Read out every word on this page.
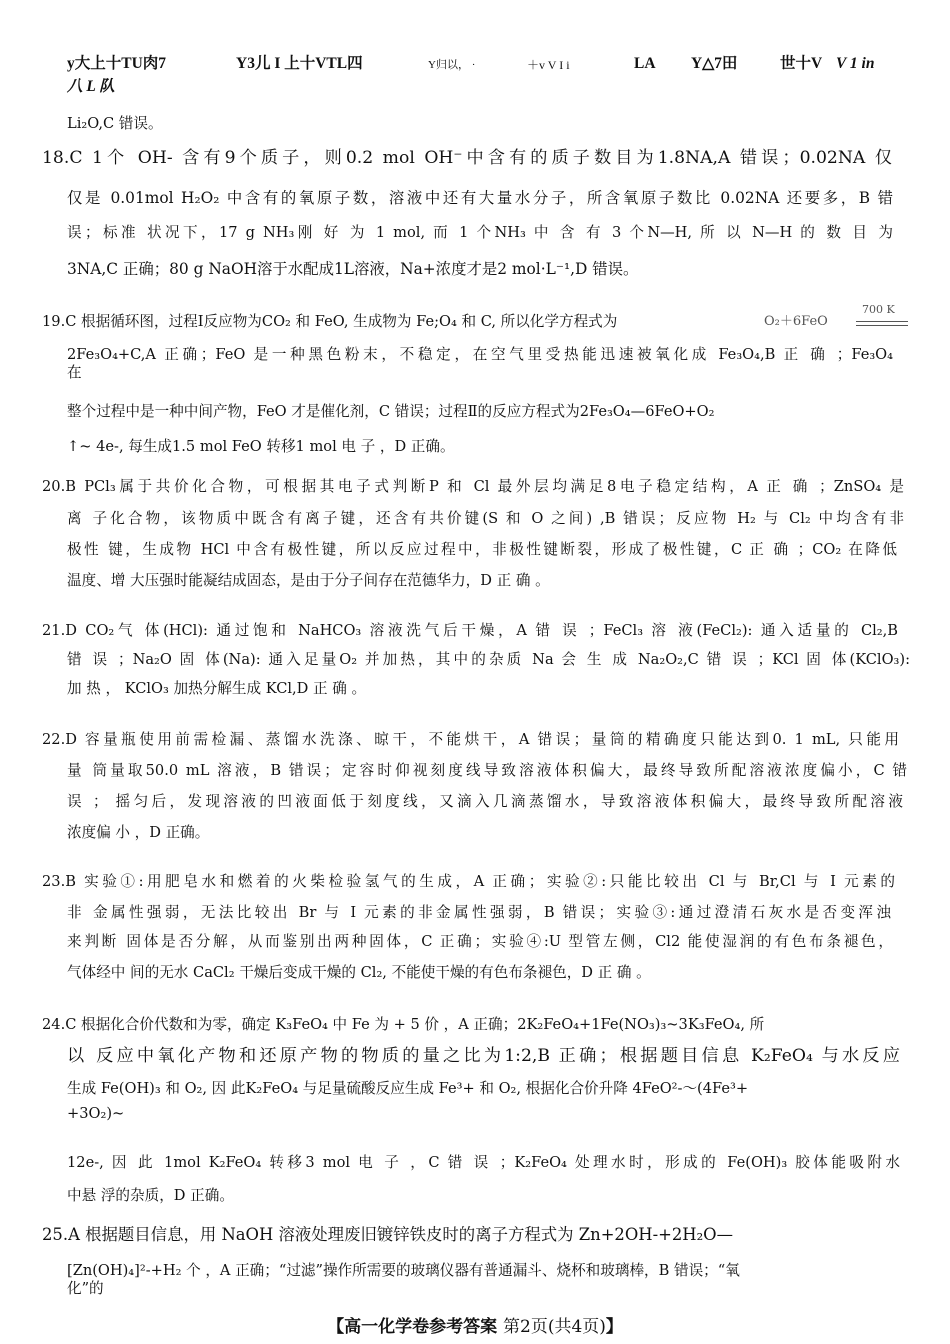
y大上十TU肉7	Y3儿 I 上十VTL四	Y归以， ·	＋v V I i	LA Y△7田	世十V V 1 in
八 L 队
Li₂O,C 错误。
18.C 1个 OH- 含有9个质子，则0.2 mol OH⁻中含有的质子数目为1.8NA,A 错误；0.02NA 仅
仅是 0.01mol H₂O₂ 中含有的氧原子数，溶液中还有大量水分子，所含氧原子数比 0.02NA 还要多，B 错
误；标准 状况下，17 g NH₃刚 好 为 1 mol, 而 1 个NH₃ 中 含 有 3 个N—H, 所 以 N—H 的 数 目 为
3NA,C 正确；80 g NaOH溶于水配成1L溶液，Na+浓度才是2 mol·L⁻¹,D 错误。
19.C 根据循环图，过程Ⅰ反应物为CO₂ 和 FeO, 生成物为 Fe;O₄ 和 C, 所以化学方程式为
700 K
O₂＋6FeO
2Fe₃O₄+C,A 正确；FeO 是一种黑色粉末，不稳定，在空气里受热能迅速被氧化成 Fe₃O₄,B 正 确 ；Fe₃O₄
在
整个过程中是一种中间产物，FeO 才是催化剂，C 错误；过程Ⅱ的反应方程式为2Fe₃O₄—6FeO+O₂
↑~ 4e-, 每生成1.5 mol FeO 转移1 mol 电 子 ，D 正确。
20.B PCl₃属于共价化合物，可根据其电子式判断P 和 Cl 最外层均满足8电子稳定结构，A 正 确 ；ZnSO₄ 是
离 子化合物，该物质中既含有离子键，还含有共价键(S 和 O 之间) ,B 错误；反应物 H₂ 与 Cl₂ 中均含有非
极性 键，生成物 HCl 中含有极性键，所以反应过程中，非极性键断裂，形成了极性键，C 正 确 ；CO₂ 在降低
温度、增 大压强时能凝结成固态，是由于分子间存在范德华力，D 正 确 。
21.D CO₂气 体(HCl): 通过饱和 NaHCO₃ 溶液洗气后干燥，A 错 误 ；FeCl₃ 溶 液(FeCl₂): 通入适量的 Cl₂,B
错 误 ；Na₂O 固 体(Na): 通入足量O₂ 并加热，其中的杂质 Na 会 生 成 Na₂O₂,C 错 误 ；KCl 固 体(KClO₃):
加 热 ， KClO₃ 加热分解生成 KCl,D 正 确 。
22.D 容量瓶使用前需检漏、蒸馏水洗涤、晾干，不能烘干，A 错误；量筒的精确度只能达到0. 1 mL, 只能用
量 筒量取50.0 mL 溶液，B 错误；定容时仰视刻度线导致溶液体积偏大，最终导致所配溶液浓度偏小，C 错
误 ； 摇匀后，发现溶液的凹液面低于刻度线，又滴入几滴蒸馏水，导致溶液体积偏大，最终导致所配溶液
浓度偏 小 ，D 正确。
23.B 实验①:用肥皂水和燃着的火柴检验氢气的生成，A 正确；实验②:只能比较出 Cl 与 Br,Cl 与 I 元素的
非 金属性强弱，无法比较出 Br 与 I 元素的非金属性强弱，B 错误；实验③:通过澄清石灰水是否变浑浊
来判断 固体是否分解，从而鉴别出两种固体，C 正确；实验④:U 型管左侧，Cl2 能使湿润的有色布条褪色，
气体经中 间的无水 CaCl₂ 干燥后变成干燥的 Cl₂, 不能使干燥的有色布条褪色，D 正 确 。
24.C 根据化合价代数和为零，确定 K₃FeO₄ 中 Fe 为 + 5 价 ，A 正确；2K₂FeO₄+1Fe(NO₃)₃~3K₃FeO₄, 所
以 反应中氧化产物和还原产物的物质的量之比为1:2,B 正确；根据题目信息 K₂FeO₄ 与水反应
生成 Fe(OH)₃ 和 O₂, 因 此K₂FeO₄ 与足量硫酸反应生成 Fe³+ 和 O₂, 根据化合价升降 4FeO²-～(4Fe³+
+3O₂)~
12e-, 因 此 1mol K₂FeO₄ 转移3 mol 电 子 ，C 错 误 ；K₂FeO₄ 处理水时，形成的 Fe(OH)₃ 胶体能吸附水
中悬 浮的杂质，D 正确。
25.A 根据题目信息，用 NaOH 溶液处理废旧镀锌铁皮时的离子方程式为 Zn+2OH-+2H₂O—
[Zn(OH)₄]²-+H₂ 个 ，A 正确；“过滤”操作所需要的玻璃仪器有普通漏斗、烧杯和玻璃棒，B 错误；“氧
化”的
【高一化学卷参考答案 第2页(共4页)】
